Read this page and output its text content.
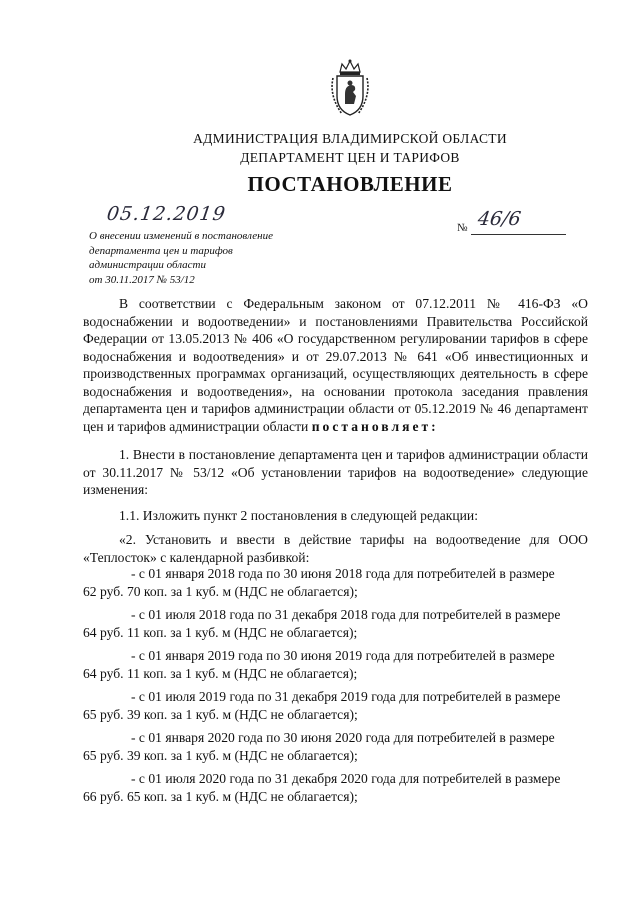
АДМИНИСТРАЦИЯ ВЛАДИМИРСКОЙ ОБЛАСТИ
ДЕПАРТАМЕНТ ЦЕН И ТАРИФОВ
ПОСТАНОВЛЕНИЕ
05.12.2019
№ 46/6
О внесении изменений в постановление
департамента цен и тарифов
администрации области
от 30.11.2017 № 53/12
В соответствии с Федеральным законом от 07.12.2011 № 416-ФЗ «О водоснабжении и водоотведении» и постановлениями Правительства Российской Федерации от 13.05.2013 № 406 «О государственном регулировании тарифов в сфере водоснабжения и водоотведения» и от 29.07.2013 № 641 «Об инвестиционных и производственных программах организаций, осуществляющих деятельность в сфере водоснабжения и водоотведения», на основании протокола заседания правления департамента цен и тарифов администрации области от 05.12.2019 № 46 департамент цен и тарифов администрации области постановляет:
1. Внести в постановление департамента цен и тарифов администрации области от 30.11.2017 № 53/12 «Об установлении тарифов на водоотведение» следующие изменения:
1.1. Изложить пункт 2 постановления в следующей редакции:
«2. Установить и ввести в действие тарифы на водоотведение для ООО «Теплосток» с календарной разбивкой:
- с 01 января 2018 года по 30 июня 2018 года для потребителей в размере
62 руб. 70 коп. за 1 куб. м (НДС не облагается);
- с 01 июля 2018 года по 31 декабря 2018 года для потребителей в размере
64 руб. 11 коп. за 1 куб. м (НДС не облагается);
- с 01 января 2019 года по 30 июня 2019 года для потребителей в размере
64 руб. 11 коп. за 1 куб. м (НДС не облагается);
- с 01 июля 2019 года по 31 декабря 2019 года для потребителей в размере
65 руб. 39 коп. за 1 куб. м (НДС не облагается);
- с 01 января 2020 года по 30 июня 2020 года для потребителей в размере
65 руб. 39 коп. за 1 куб. м (НДС не облагается);
- с 01 июля 2020 года по 31 декабря 2020 года для потребителей в размере
66 руб. 65 коп. за 1 куб. м (НДС не облагается);
